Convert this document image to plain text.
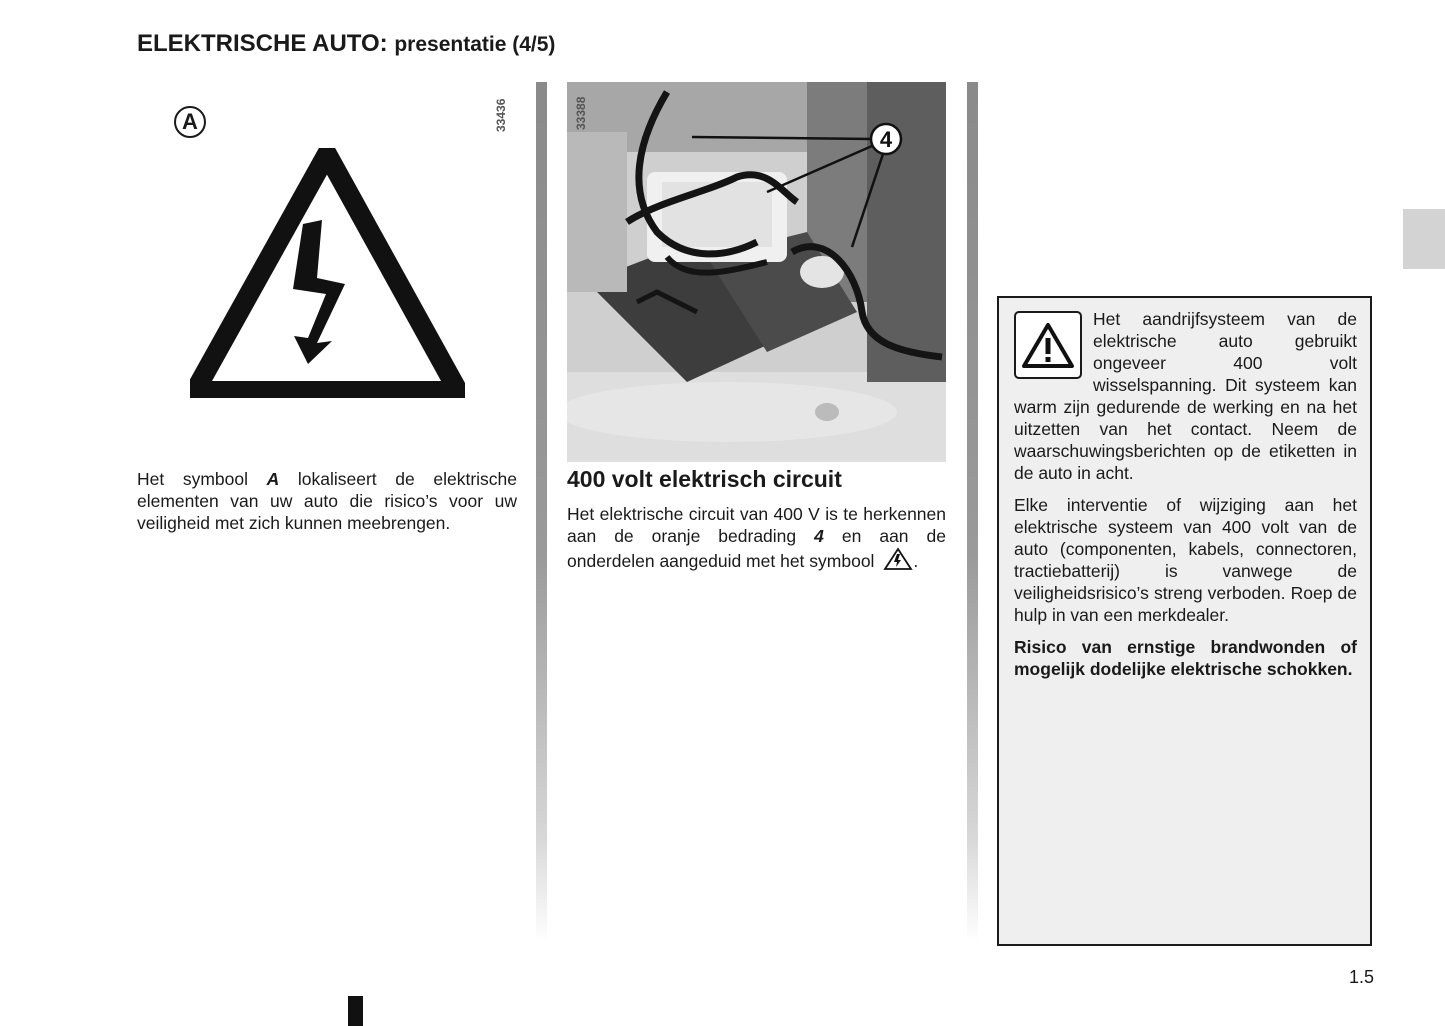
ELEKTRISCHE AUTO: presentatie (4/5)
A	33436

Het symbool A lokaliseert de elektrische elementen van uw auto die risico’s voor uw veiligheid met zich kunnen meebrengen.

4
33388
400 volt elektrisch circuit

Het elektrische circuit van 400 V is te herkennen aan de oranje bedrading 4 en aan de onderdelen aangeduid met het symbool .

Het aandrijfsysteem van de elektrische auto gebruikt ongeveer 400 volt wisselspanning. Dit systeem kan warm zijn gedurende de werking en na het uitzetten van het contact. Neem de waarschuwingsberichten op de etiketten in de auto in acht.

Elke interventie of wijziging aan het elektrische systeem van 400 volt van de auto (componenten, kabels, connectoren, tractiebatterij) is vanwege de veiligheidsrisico’s streng verboden. Roep de hulp in van een merkdealer.

Risico van ernstige brandwonden of mogelijk dodelijke elektrische schokken.

1.5
